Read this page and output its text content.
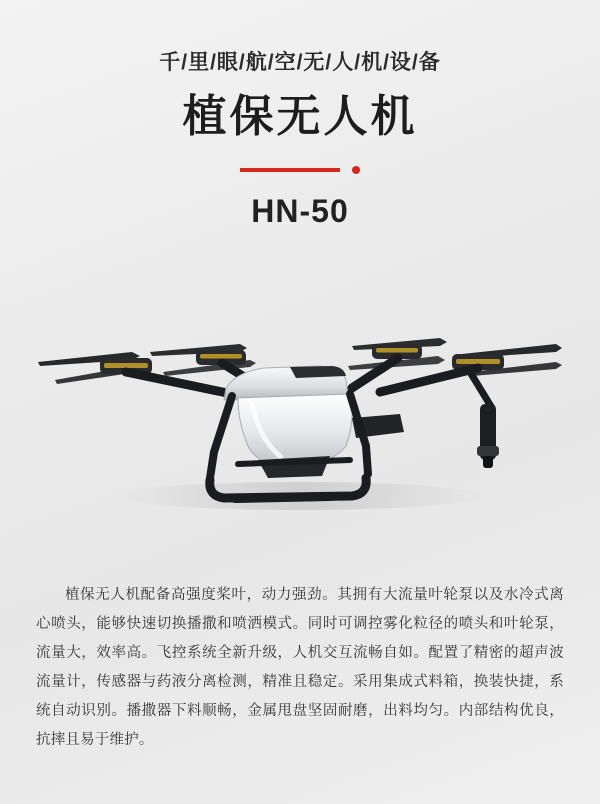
千/里/眼/航/空/无/人/机/设/备
植保无人机
HN-50

植保无人机配备高强度桨叶，动力强劲。其拥有大流量叶轮泵以及水冷式离心喷头，能够快速切换播撒和喷洒模式。同时可调控雾化粒径的喷头和叶轮泵，流量大，效率高。飞控系统全新升级，人机交互流畅自如。配置了精密的超声波流量计，传感器与药液分离检测，精准且稳定。采用集成式料箱，换装快捷，系统自动识别。播撒器下料顺畅，金属甩盘坚固耐磨，出料均匀。内部结构优良，抗摔且易于维护。
